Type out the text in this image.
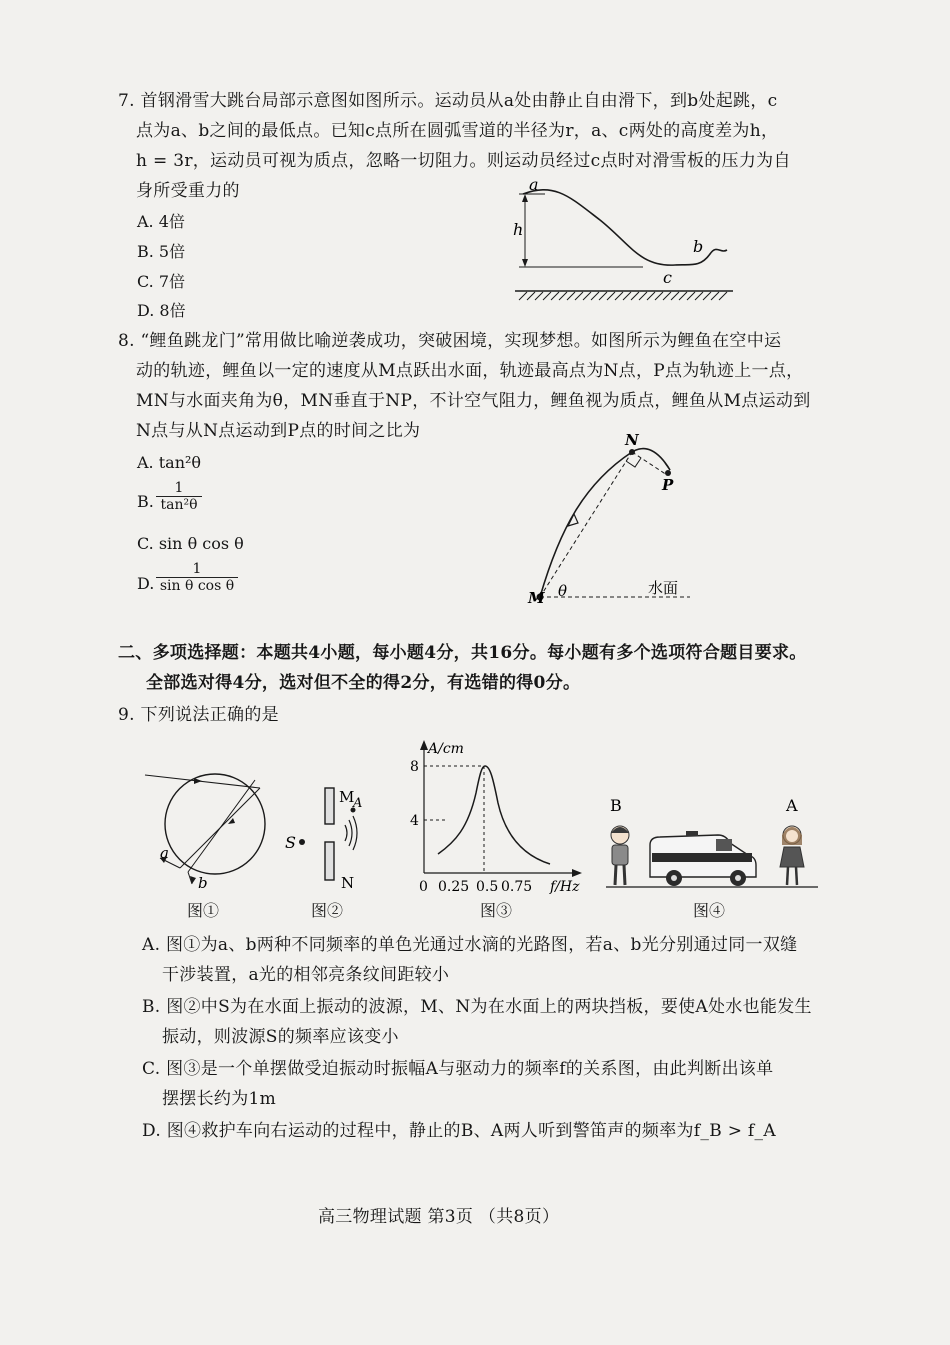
7. 首钢滑雪大跳台局部示意图如图所示。运动员从a处由静止自由滑下，到b处起跳，c
点为a、b之间的最低点。已知c点所在圆弧雪道的半径为r，a、c两处的高度差为h，
h = 3r，运动员可视为质点，忽略一切阻力。则运动员经过c点时对滑雪板的压力为自
身所受重力的
A. 4倍
B. 5倍
C. 7倍
D. 8倍
a
h
b
c
8. “鲤鱼跳龙门”常用做比喻逆袭成功，突破困境，实现梦想。如图所示为鲤鱼在空中运
动的轨迹，鲤鱼以一定的速度从M点跃出水面，轨迹最高点为N点，P点为轨迹上一点，
MN与水面夹角为θ，MN垂直于NP，不计空气阻力，鲤鱼视为质点，鲤鱼从M点运动到
N点与从N点运动到P点的时间之比为
A. tan²θ
B. $\frac{1}{\text{tan²θ}}$
C. sin θ cos θ
D. $\frac{1}{\text{sin θ cos θ}}$
N
P
M θ	水面
二、多项选择题：本题共4小题，每小题4分，共16分。每小题有多个选项符合题目要求。
全部选对得4分，选对但不全的得2分，有选错的得0分。
9. 下列说法正确的是
a
b
图①
S
M
A
N
图②
A/cm
8
4
0 0.25 0.5 0.75 f/Hz
图③
B	A
图④
A. 图①为a、b两种不同频率的单色光通过水滴的光路图，若a、b光分别通过同一双缝
干涉装置，a光的相邻亮条纹间距较小
B. 图②中S为在水面上振动的波源，M、N为在水面上的两块挡板，要使A处水也能发生
振动，则波源S的频率应该变小
C. 图③是一个单摆做受迫振动时振幅A与驱动力的频率f的关系图，由此判断出该单
摆摆长约为1m
D. 图④救护车向右运动的过程中，静止的B、A两人听到警笛声的频率为f_B > f_A
高三物理试题 第3页 （共8页）
